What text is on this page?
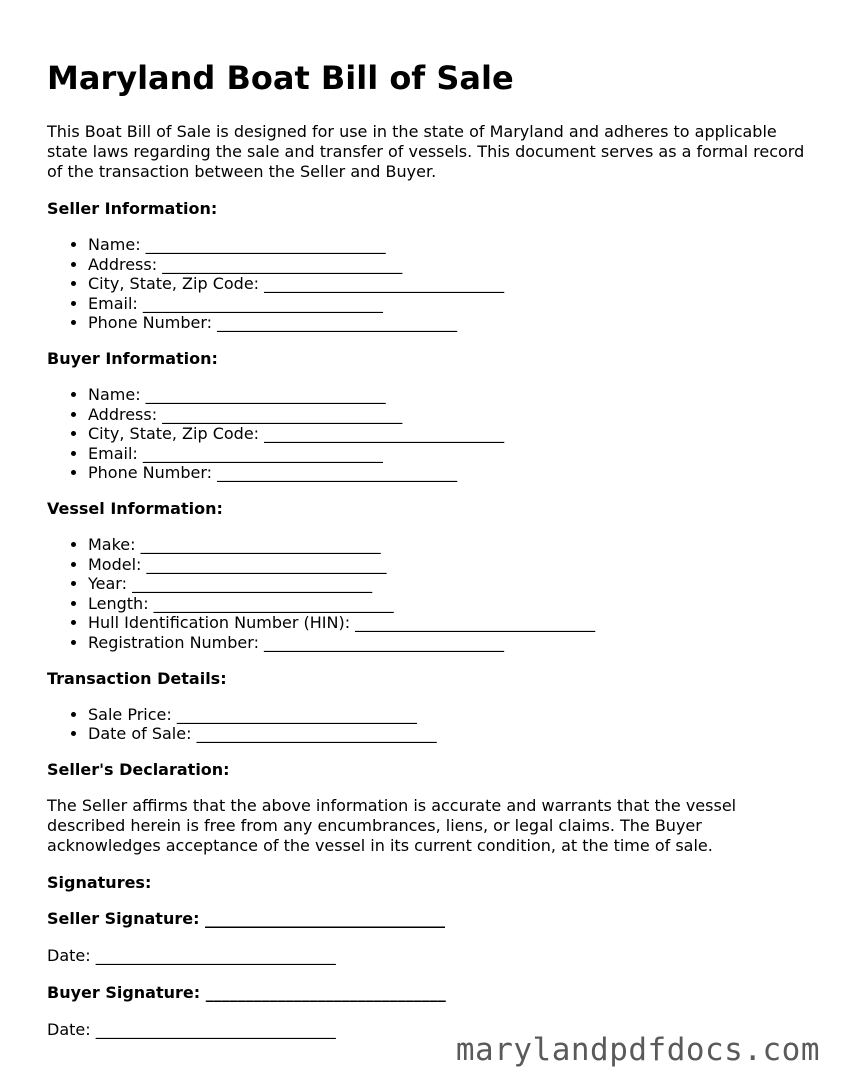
Maryland Boat Bill of Sale

This Boat Bill of Sale is designed for use in the state of Maryland and adheres to applicable state laws regarding the sale and transfer of vessels. This document serves as a formal record of the transaction between the Seller and Buyer.

Seller Information:
• Name: ______________________________
• Address: ______________________________
• City, State, Zip Code: ______________________________
• Email: ______________________________
• Phone Number: ______________________________
Buyer Information:
• Name: ______________________________
• Address: ______________________________
• City, State, Zip Code: ______________________________
• Email: ______________________________
• Phone Number: ______________________________
Vessel Information:
• Make: ______________________________
• Model: ______________________________
• Year: ______________________________
• Length: ______________________________
• Hull Identification Number (HIN): ______________________________
• Registration Number: ______________________________
Transaction Details:
• Sale Price: ______________________________
• Date of Sale: ______________________________
Seller's Declaration:

The Seller affirms that the above information is accurate and warrants that the vessel described herein is free from any encumbrances, liens, or legal claims. The Buyer acknowledges acceptance of the vessel in its current condition, at the time of sale.

Signatures:
Seller Signature: ______________________________
Date: ______________________________
Buyer Signature: ______________________________
Date: ______________________________
marylandpdfdocs.com
